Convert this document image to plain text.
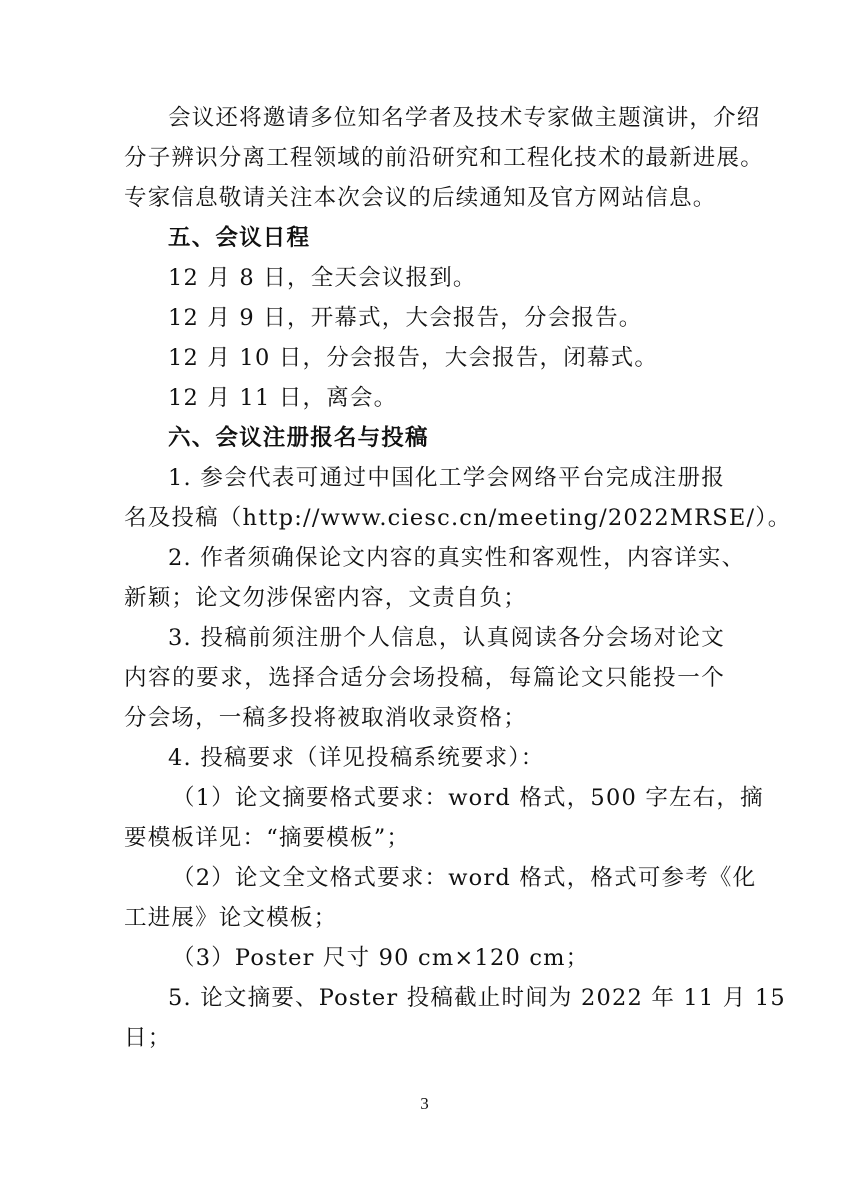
会议还将邀请多位知名学者及技术专家做主题演讲，介绍
分子辨识分离工程领域的前沿研究和工程化技术的最新进展。
专家信息敬请关注本次会议的后续通知及官方网站信息。
五、会议日程
12 月 8 日，全天会议报到。
12 月 9 日，开幕式，大会报告，分会报告。
12 月 10 日，分会报告，大会报告，闭幕式。
12 月 11 日，离会。
六、会议注册报名与投稿
1. 参会代表可通过中国化工学会网络平台完成注册报
名及投稿（http://www.ciesc.cn/meeting/2022MRSE/）。
2. 作者须确保论文内容的真实性和客观性，内容详实、
新颖；论文勿涉保密内容，文责自负；
3. 投稿前须注册个人信息，认真阅读各分会场对论文
内容的要求，选择合适分会场投稿，每篇论文只能投一个
分会场，一稿多投将被取消收录资格；
4. 投稿要求（详见投稿系统要求）：
（1）论文摘要格式要求：word 格式，500 字左右，摘
要模板详见：“摘要模板”；
（2）论文全文格式要求：word 格式，格式可参考《化
工进展》论文模板；
（3）Poster 尺寸 90 cm×120 cm；
5. 论文摘要、Poster 投稿截止时间为 2022 年 11 月 15
日；
3
